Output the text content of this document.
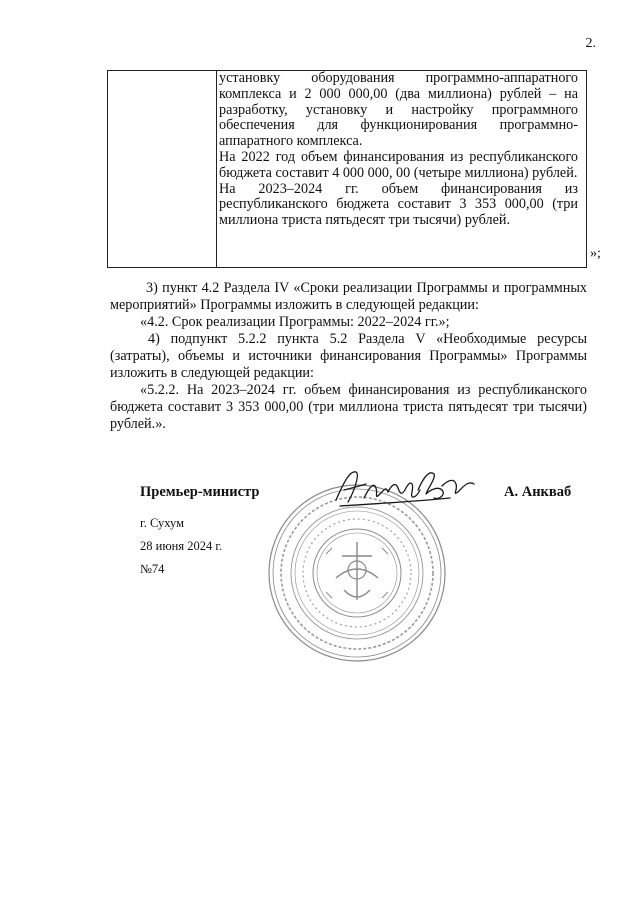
2.

установку оборудования программно-аппаратного комплекса и 2 000 000,00 (два миллиона) рублей – на разработку, установку и настройку программного обеспечения для функционирования программно-аппаратного комплекса.

На 2022 год объем финансирования из республиканского бюджета составит 4 000 000, 00 (четыре миллиона) рублей.

На 2023–2024 гг. объем финансирования из республиканского бюджета составит 3 353 000,00 (три миллиона триста пятьдесят три тысячи) рублей.

»;

3) пункт 4.2 Раздела IV «Сроки реализации Программы и программных мероприятий» Программы изложить в следующей редакции:

«4.2. Срок реализации Программы: 2022–2024 гг.»;

4) подпункт 5.2.2 пункта 5.2 Раздела V «Необходимые ресурсы (затраты), объемы и источники финансирования Программы» Программы изложить в следующей редакции:

«5.2.2. На 2023–2024 гг. объем финансирования из республиканского бюджета составит 3 353 000,00 (три миллиона триста пятьдесят три тысячи) рублей.».

Премьер-министр	А. Анкваб
г. Сухум
28 июня 2024 г.
№74
